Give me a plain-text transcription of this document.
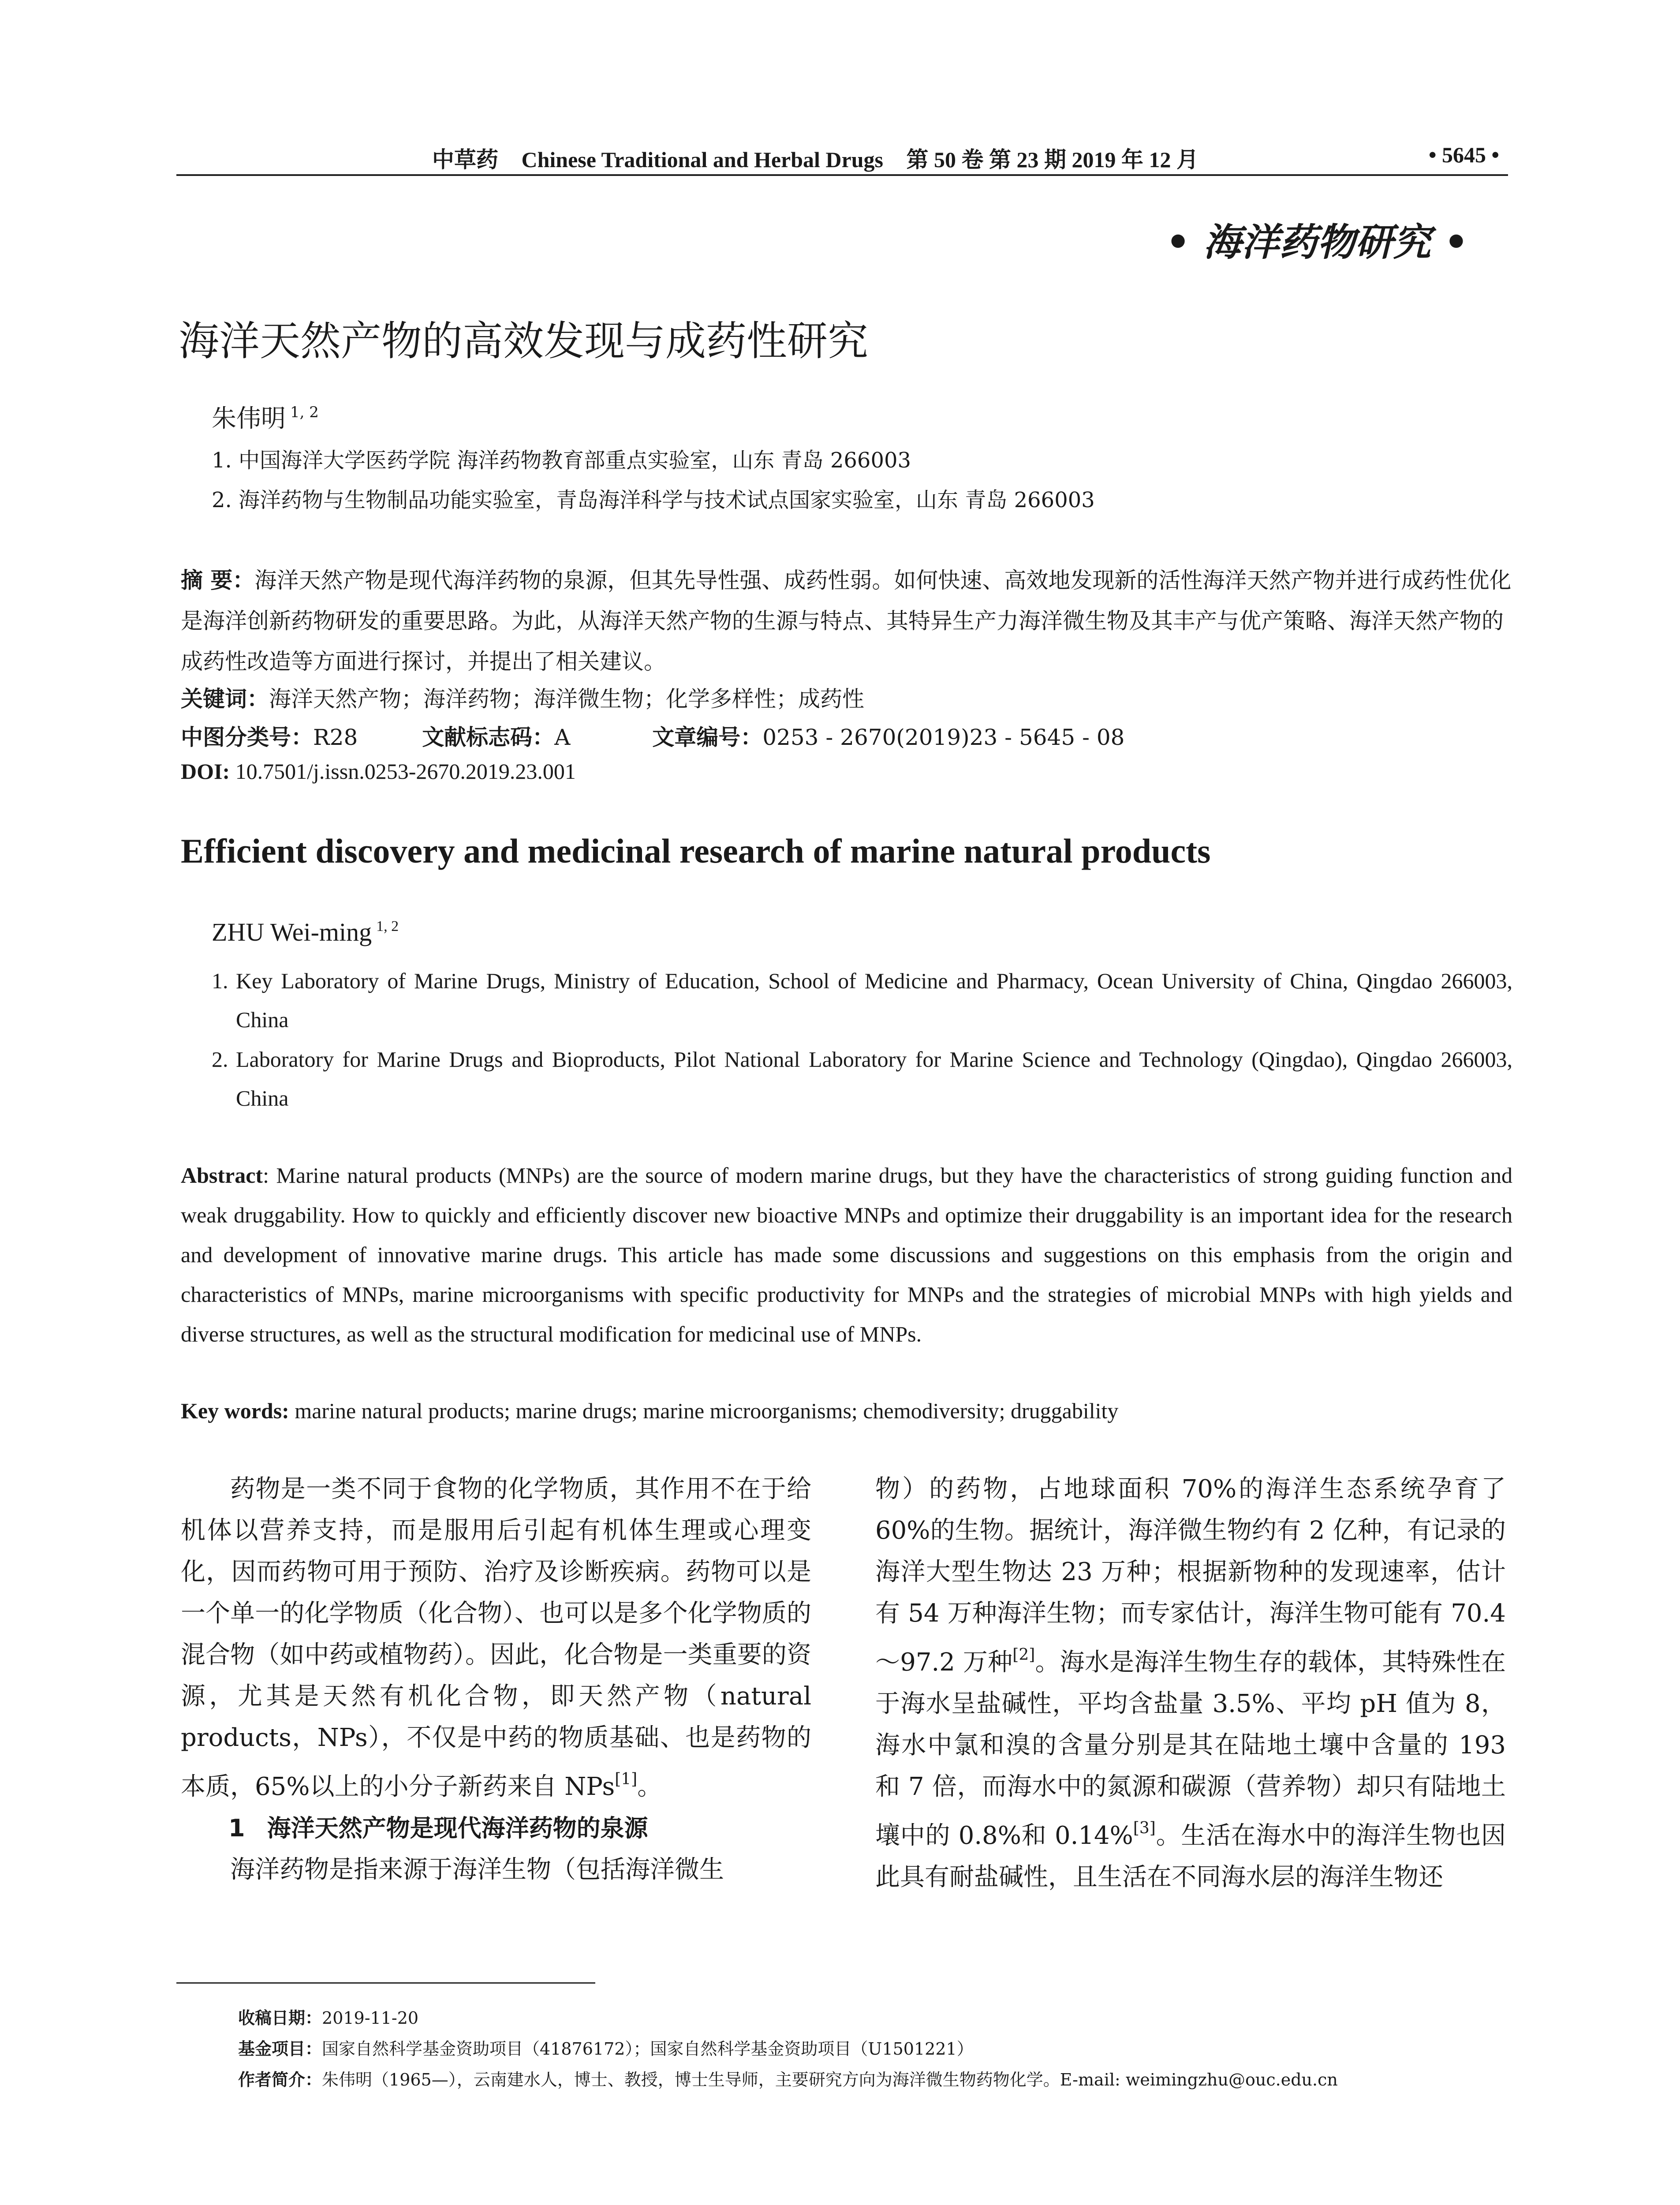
中草药 Chinese Traditional and Herbal Drugs 第 50 卷 第 23 期 2019 年 12 月	• 5645 •
• 海洋药物研究 •
海洋天然产物的高效发现与成药性研究
朱伟明 $^{1, 2}$
1. 中国海洋大学医药学院 海洋药物教育部重点实验室，山东 青岛 266003
2. 海洋药物与生物制品功能实验室，青岛海洋科学与技术试点国家实验室，山东 青岛 266003
摘 要：海洋天然产物是现代海洋药物的泉源，但其先导性强、成药性弱。如何快速、高效地发现新的活性海洋天然产物并进行成药性优化是海洋创新药物研发的重要思路。为此，从海洋天然产物的生源与特点、其特异生产力海洋微生物及其丰产与优产策略、海洋天然产物的成药性改造等方面进行探讨，并提出了相关建议。
关键词：海洋天然产物；海洋药物；海洋微生物；化学多样性；成药性
中图分类号：R28	文献标志码：A	文章编号：0253 - 2670(2019)23 - 5645 - 08
DOI: 10.7501/j.issn.0253-2670.2019.23.001
Efficient discovery and medicinal research of marine natural products
ZHU Wei-ming $^{1, 2}$
1. Key Laboratory of Marine Drugs, Ministry of Education, School of Medicine and Pharmacy, Ocean University of China, Qingdao 266003, China
2. Laboratory for Marine Drugs and Bioproducts, Pilot National Laboratory for Marine Science and Technology (Qingdao), Qingdao 266003, China
Abstract: Marine natural products (MNPs) are the source of modern marine drugs, but they have the characteristics of strong guiding function and weak druggability. How to quickly and efficiently discover new bioactive MNPs and optimize their druggability is an important idea for the research and development of innovative marine drugs. This article has made some discussions and suggestions on this emphasis from the origin and characteristics of MNPs, marine microorganisms with specific productivity for MNPs and the strategies of microbial MNPs with high yields and diverse structures, as well as the structural modification for medicinal use of MNPs.
Key words: marine natural products; marine drugs; marine microorganisms; chemodiversity; druggability

药物是一类不同于食物的化学物质，其作用不在于给机体以营养支持，而是服用后引起有机体生理或心理变化，因而药物可用于预防、治疗及诊断疾病。药物可以是一个单一的化学物质（化合物）、也可以是多个化学物质的混合物（如中药或植物药）。因此，化合物是一类重要的资源，尤其是天然有机化合物，即天然产物（natural products，NPs），不仅是中药的物质基础、也是药物的本质，65%以上的小分子新药来自 NPs[1]。

1 海洋天然产物是现代海洋药物的泉源

海洋药物是指来源于海洋生物（包括海洋微生

物）的药物，占地球面积 70%的海洋生态系统孕育了 60%的生物。据统计，海洋微生物约有 2 亿种，有记录的海洋大型生物达 23 万种；根据新物种的发现速率，估计有 54 万种海洋生物；而专家估计，海洋生物可能有 70.4～97.2 万种[2]。海水是海洋生物生存的载体，其特殊性在于海水呈盐碱性，平均含盐量 3.5%、平均 pH 值为 8，海水中氯和溴的含量分别是其在陆地土壤中含量的 193 和 7 倍，而海水中的氮源和碳源（营养物）却只有陆地土壤中的 0.8%和 0.14%[3]。生活在海水中的海洋生物也因此具有耐盐碱性，且生活在不同海水层的海洋生物还

收稿日期：2019-11-20
基金项目：国家自然科学基金资助项目（41876172）；国家自然科学基金资助项目（U1501221）
作者简介：朱伟明（1965—），云南建水人，博士、教授，博士生导师，主要研究方向为海洋微生物药物化学。E-mail: weimingzhu@ouc.edu.cn
